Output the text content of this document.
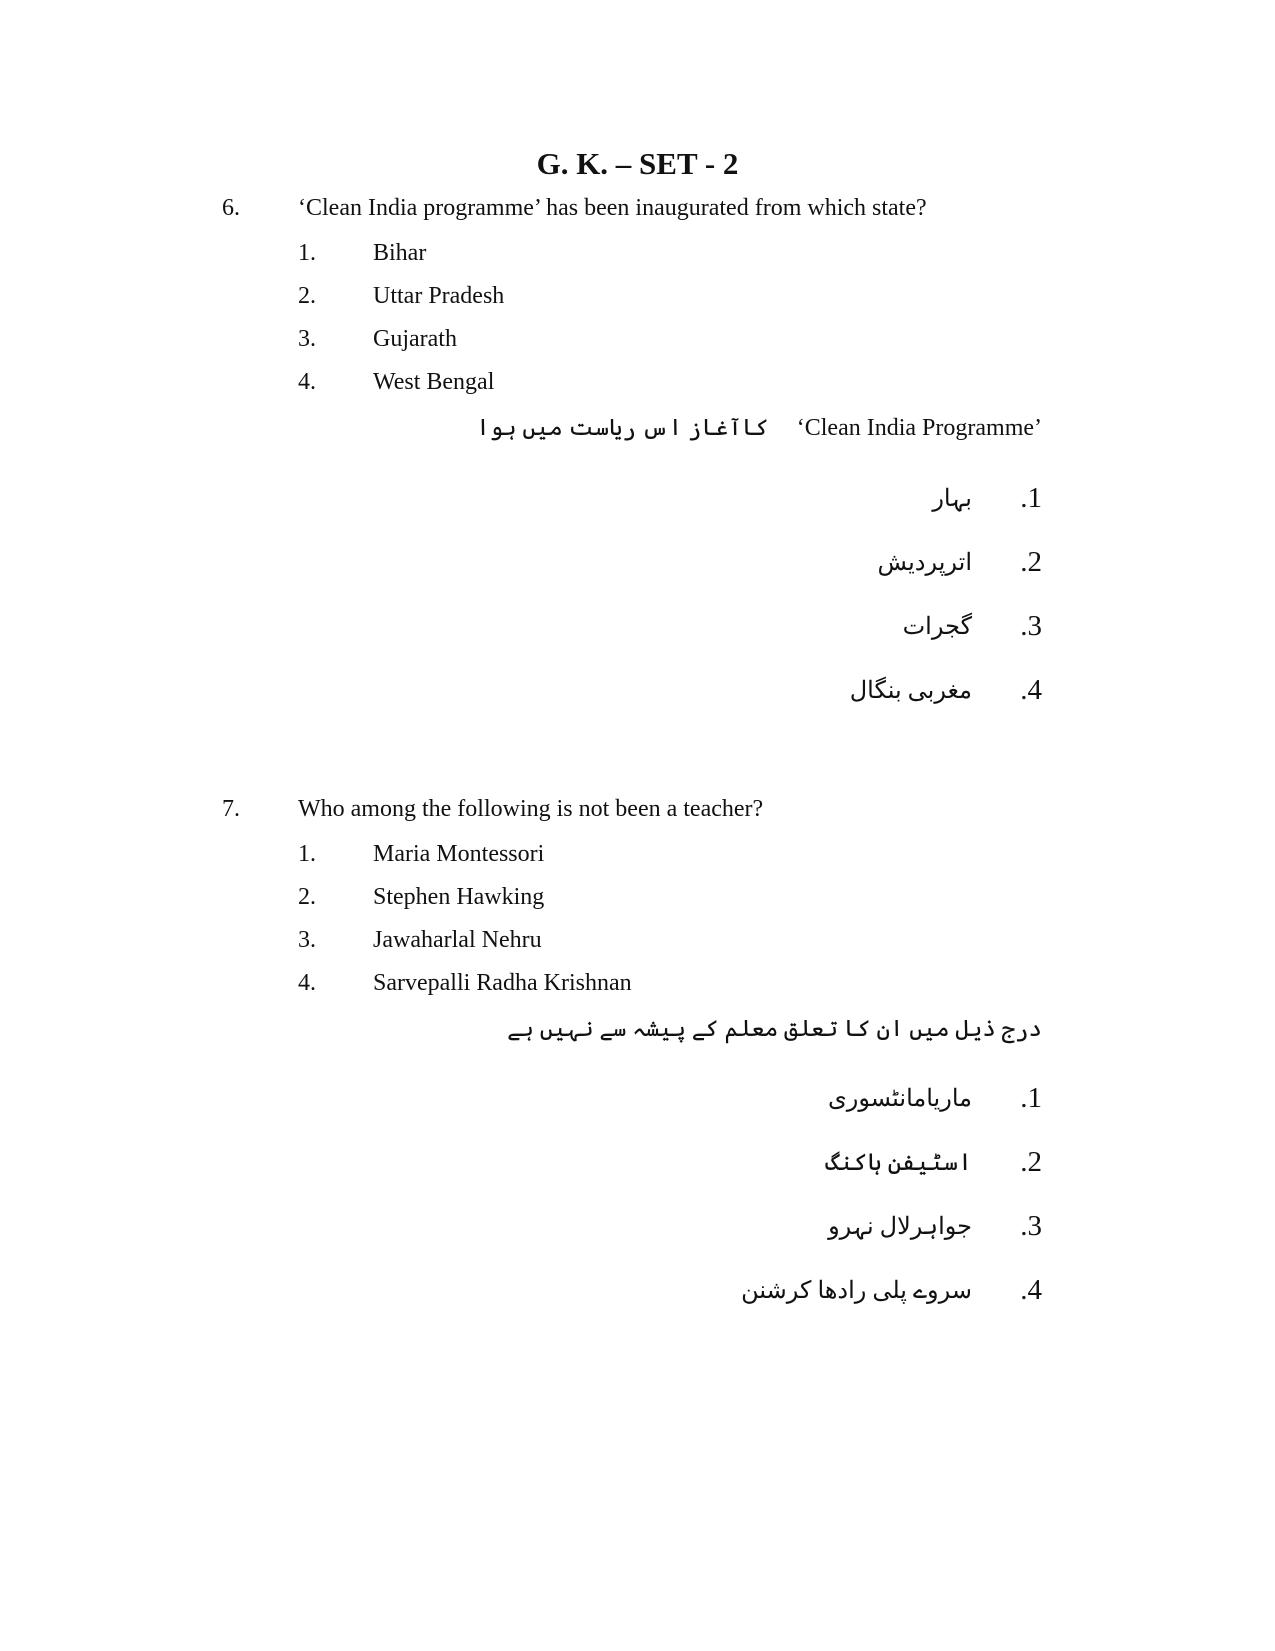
G. K. – SET - 2
6. ‘Clean India programme’ has been inaugurated from which state?
1. Bihar
2. Uttar Pradesh
3. Gujarath
4. West Bengal
کاآغاز اس ریاست میں ہوا ‘Clean India Programme’
.1
بہار
.2
اترپردیش
.3
گجرات
.4
مغربی بنگال
7. Who among the following is not been a teacher?
1. Maria Montessori
2. Stephen Hawking
3. Jawaharlal Nehru
4. Sarvepalli Radha Krishnan
درج ذیل میں ان کا تعلق معلم کے پیشہ سے نہیں ہے
.1
ماریامانٹسوری
.2
اسٹیفن ہاکنگ
.3
جواہرلال نہرو
.4
سروے پلی رادھا کرشنن
